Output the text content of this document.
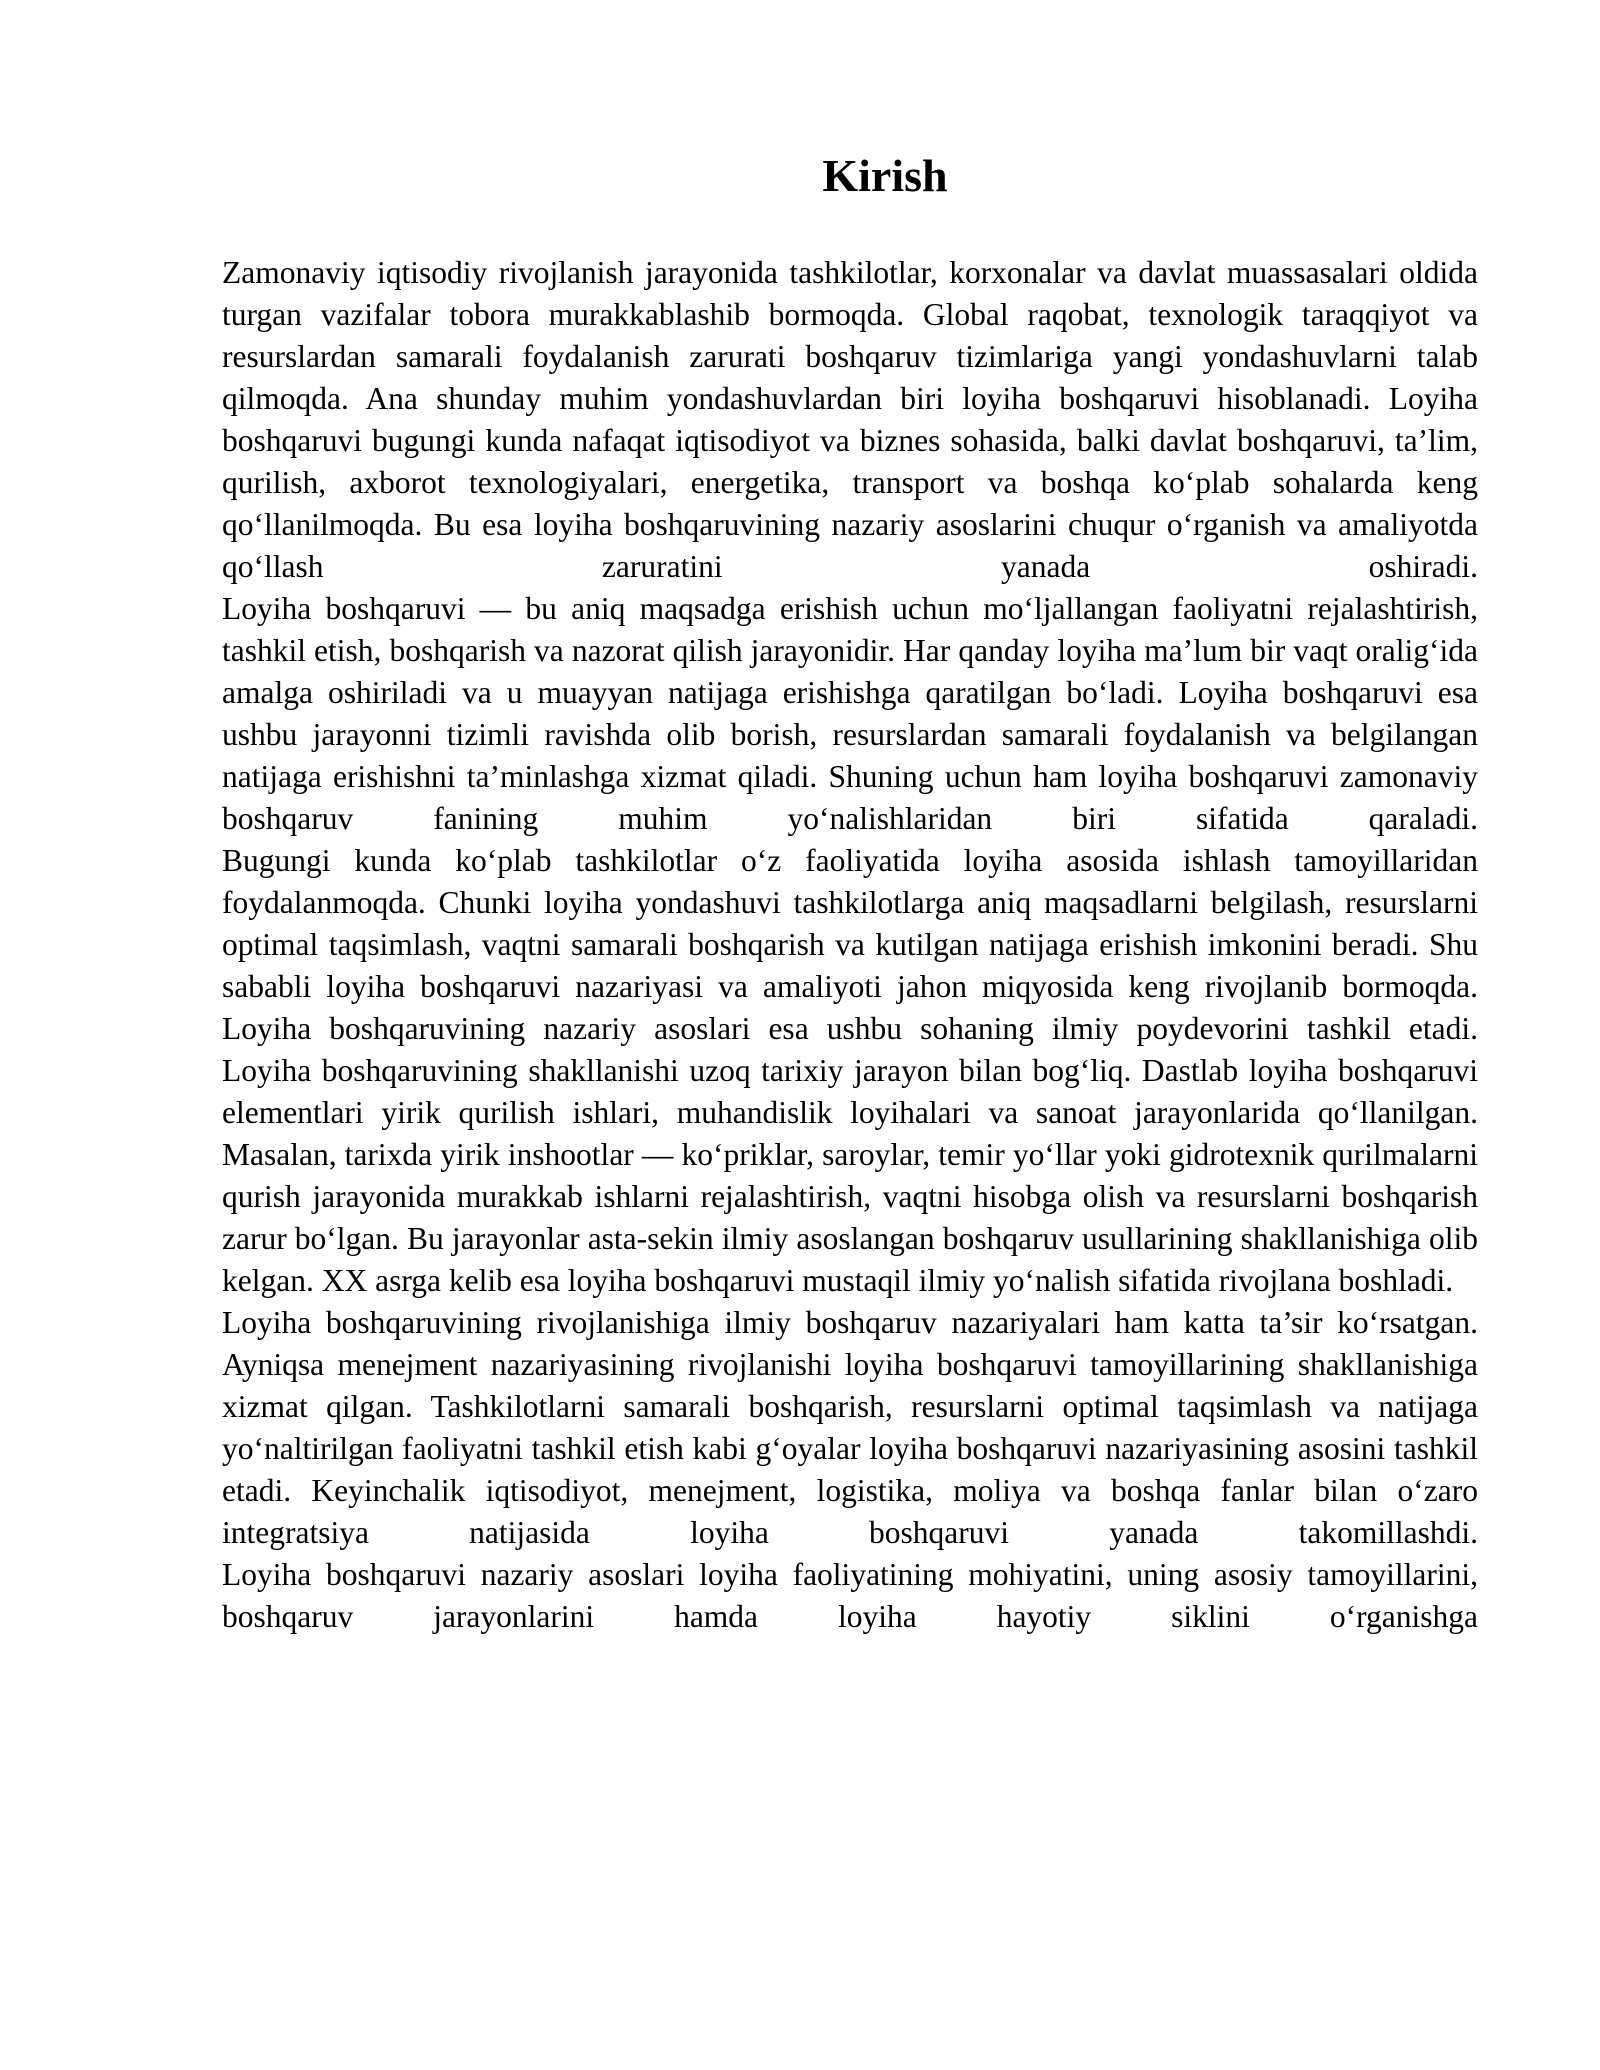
Kirish

Zamonaviy iqtisodiy rivojlanish jarayonida tashkilotlar, korxonalar va davlat muassasalari oldida turgan vazifalar tobora murakkablashib bormoqda. Global raqobat, texnologik taraqqiyot va resurslardan samarali foydalanish zarurati boshqaruv tizimlariga yangi yondashuvlarni talab qilmoqda. Ana shunday muhim yondashuvlardan biri loyiha boshqaruvi hisoblanadi. Loyiha boshqaruvi bugungi kunda nafaqat iqtisodiyot va biznes sohasida, balki davlat boshqaruvi, ta’lim, qurilish, axborot texnologiyalari, energetika, transport va boshqa ko‘plab sohalarda keng qo‘llanilmoqda. Bu esa loyiha boshqaruvining nazariy asoslarini chuqur o‘rganish va amaliyotda qo‘llash zaruratini yanada oshiradi.

Loyiha boshqaruvi — bu aniq maqsadga erishish uchun mo‘ljallangan faoliyatni rejalashtirish, tashkil etish, boshqarish va nazorat qilish jarayonidir. Har qanday loyiha ma’lum bir vaqt oralig‘ida amalga oshiriladi va u muayyan natijaga erishishga qaratilgan bo‘ladi. Loyiha boshqaruvi esa ushbu jarayonni tizimli ravishda olib borish, resurslardan samarali foydalanish va belgilangan natijaga erishishni ta’minlashga xizmat qiladi. Shuning uchun ham loyiha boshqaruvi zamonaviy boshqaruv fanining muhim yo‘nalishlaridan biri sifatida qaraladi.

Bugungi kunda ko‘plab tashkilotlar o‘z faoliyatida loyiha asosida ishlash tamoyillaridan foydalanmoqda. Chunki loyiha yondashuvi tashkilotlarga aniq maqsadlarni belgilash, resurslarni optimal taqsimlash, vaqtni samarali boshqarish va kutilgan natijaga erishish imkonini beradi. Shu sababli loyiha boshqaruvi nazariyasi va amaliyoti jahon miqyosida keng rivojlanib bormoqda. Loyiha boshqaruvining nazariy asoslari esa ushbu sohaning ilmiy poydevorini tashkil etadi.

Loyiha boshqaruvining shakllanishi uzoq tarixiy jarayon bilan bog‘liq. Dastlab loyiha boshqaruvi elementlari yirik qurilish ishlari, muhandislik loyihalari va sanoat jarayonlarida qo‘llanilgan. Masalan, tarixda yirik inshootlar — ko‘priklar, saroylar, temir yo‘llar yoki gidrotexnik qurilmalarni qurish jarayonida murakkab ishlarni rejalashtirish, vaqtni hisobga olish va resurslarni boshqarish zarur bo‘lgan. Bu jarayonlar asta-sekin ilmiy asoslangan boshqaruv usullarining shakllanishiga olib kelgan. XX asrga kelib esa loyiha boshqaruvi mustaqil ilmiy yo‘nalish sifatida rivojlana boshladi.

Loyiha boshqaruvining rivojlanishiga ilmiy boshqaruv nazariyalari ham katta ta’sir ko‘rsatgan. Ayniqsa menejment nazariyasining rivojlanishi loyiha boshqaruvi tamoyillarining shakllanishiga xizmat qilgan. Tashkilotlarni samarali boshqarish, resurslarni optimal taqsimlash va natijaga yo‘naltirilgan faoliyatni tashkil etish kabi g‘oyalar loyiha boshqaruvi nazariyasining asosini tashkil etadi. Keyinchalik iqtisodiyot, menejment, logistika, moliya va boshqa fanlar bilan o‘zaro integratsiya natijasida loyiha boshqaruvi yanada takomillashdi.

Loyiha boshqaruvi nazariy asoslari loyiha faoliyatining mohiyatini, uning asosiy tamoyillarini, boshqaruv jarayonlarini hamda loyiha hayotiy siklini o‘rganishga
